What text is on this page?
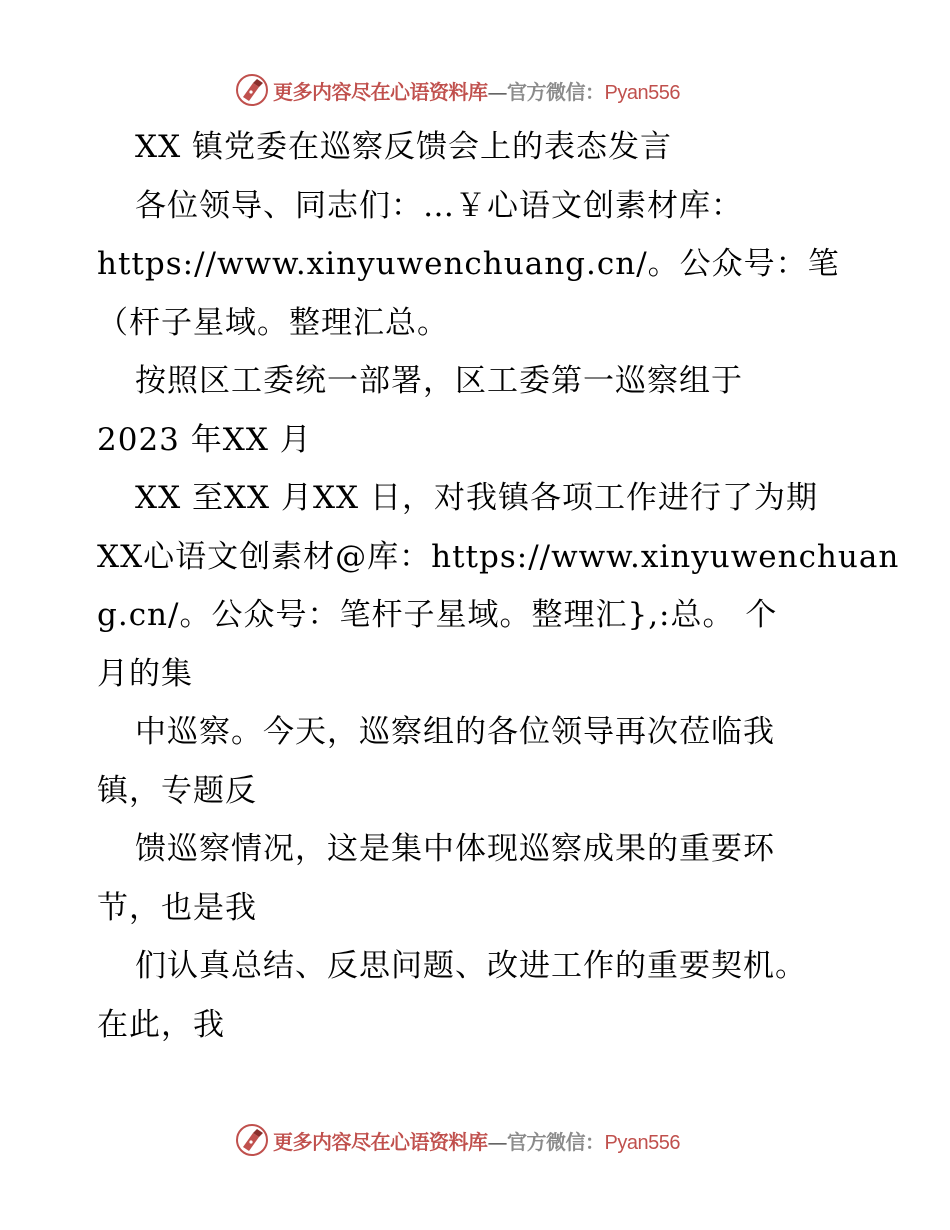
更多内容尽在心语资料库—官方微信：Pyan556
XX 镇党委在巡察反馈会上的表态发言
各位领导、同志们：…￥心语文创素材库：
https://www.xinyuwenchuang.cn/。公众号：笔
（杆子星域。整理汇总。
按照区工委统一部署，区工委第一巡察组于
2023 年XX 月
XX 至XX 月XX 日，对我镇各项工作进行了为期
XX心语文创素材@库：https://www.xinyuwenchuan
g.cn/。公众号：笔杆子星域。整理汇},:总。 个
月的集
中巡察。今天，巡察组的各位领导再次莅临我
镇，专题反
馈巡察情况，这是集中体现巡察成果的重要环
节，也是我
们认真总结、反思问题、改进工作的重要契机。
在此，我
更多内容尽在心语资料库—官方微信：Pyan556
